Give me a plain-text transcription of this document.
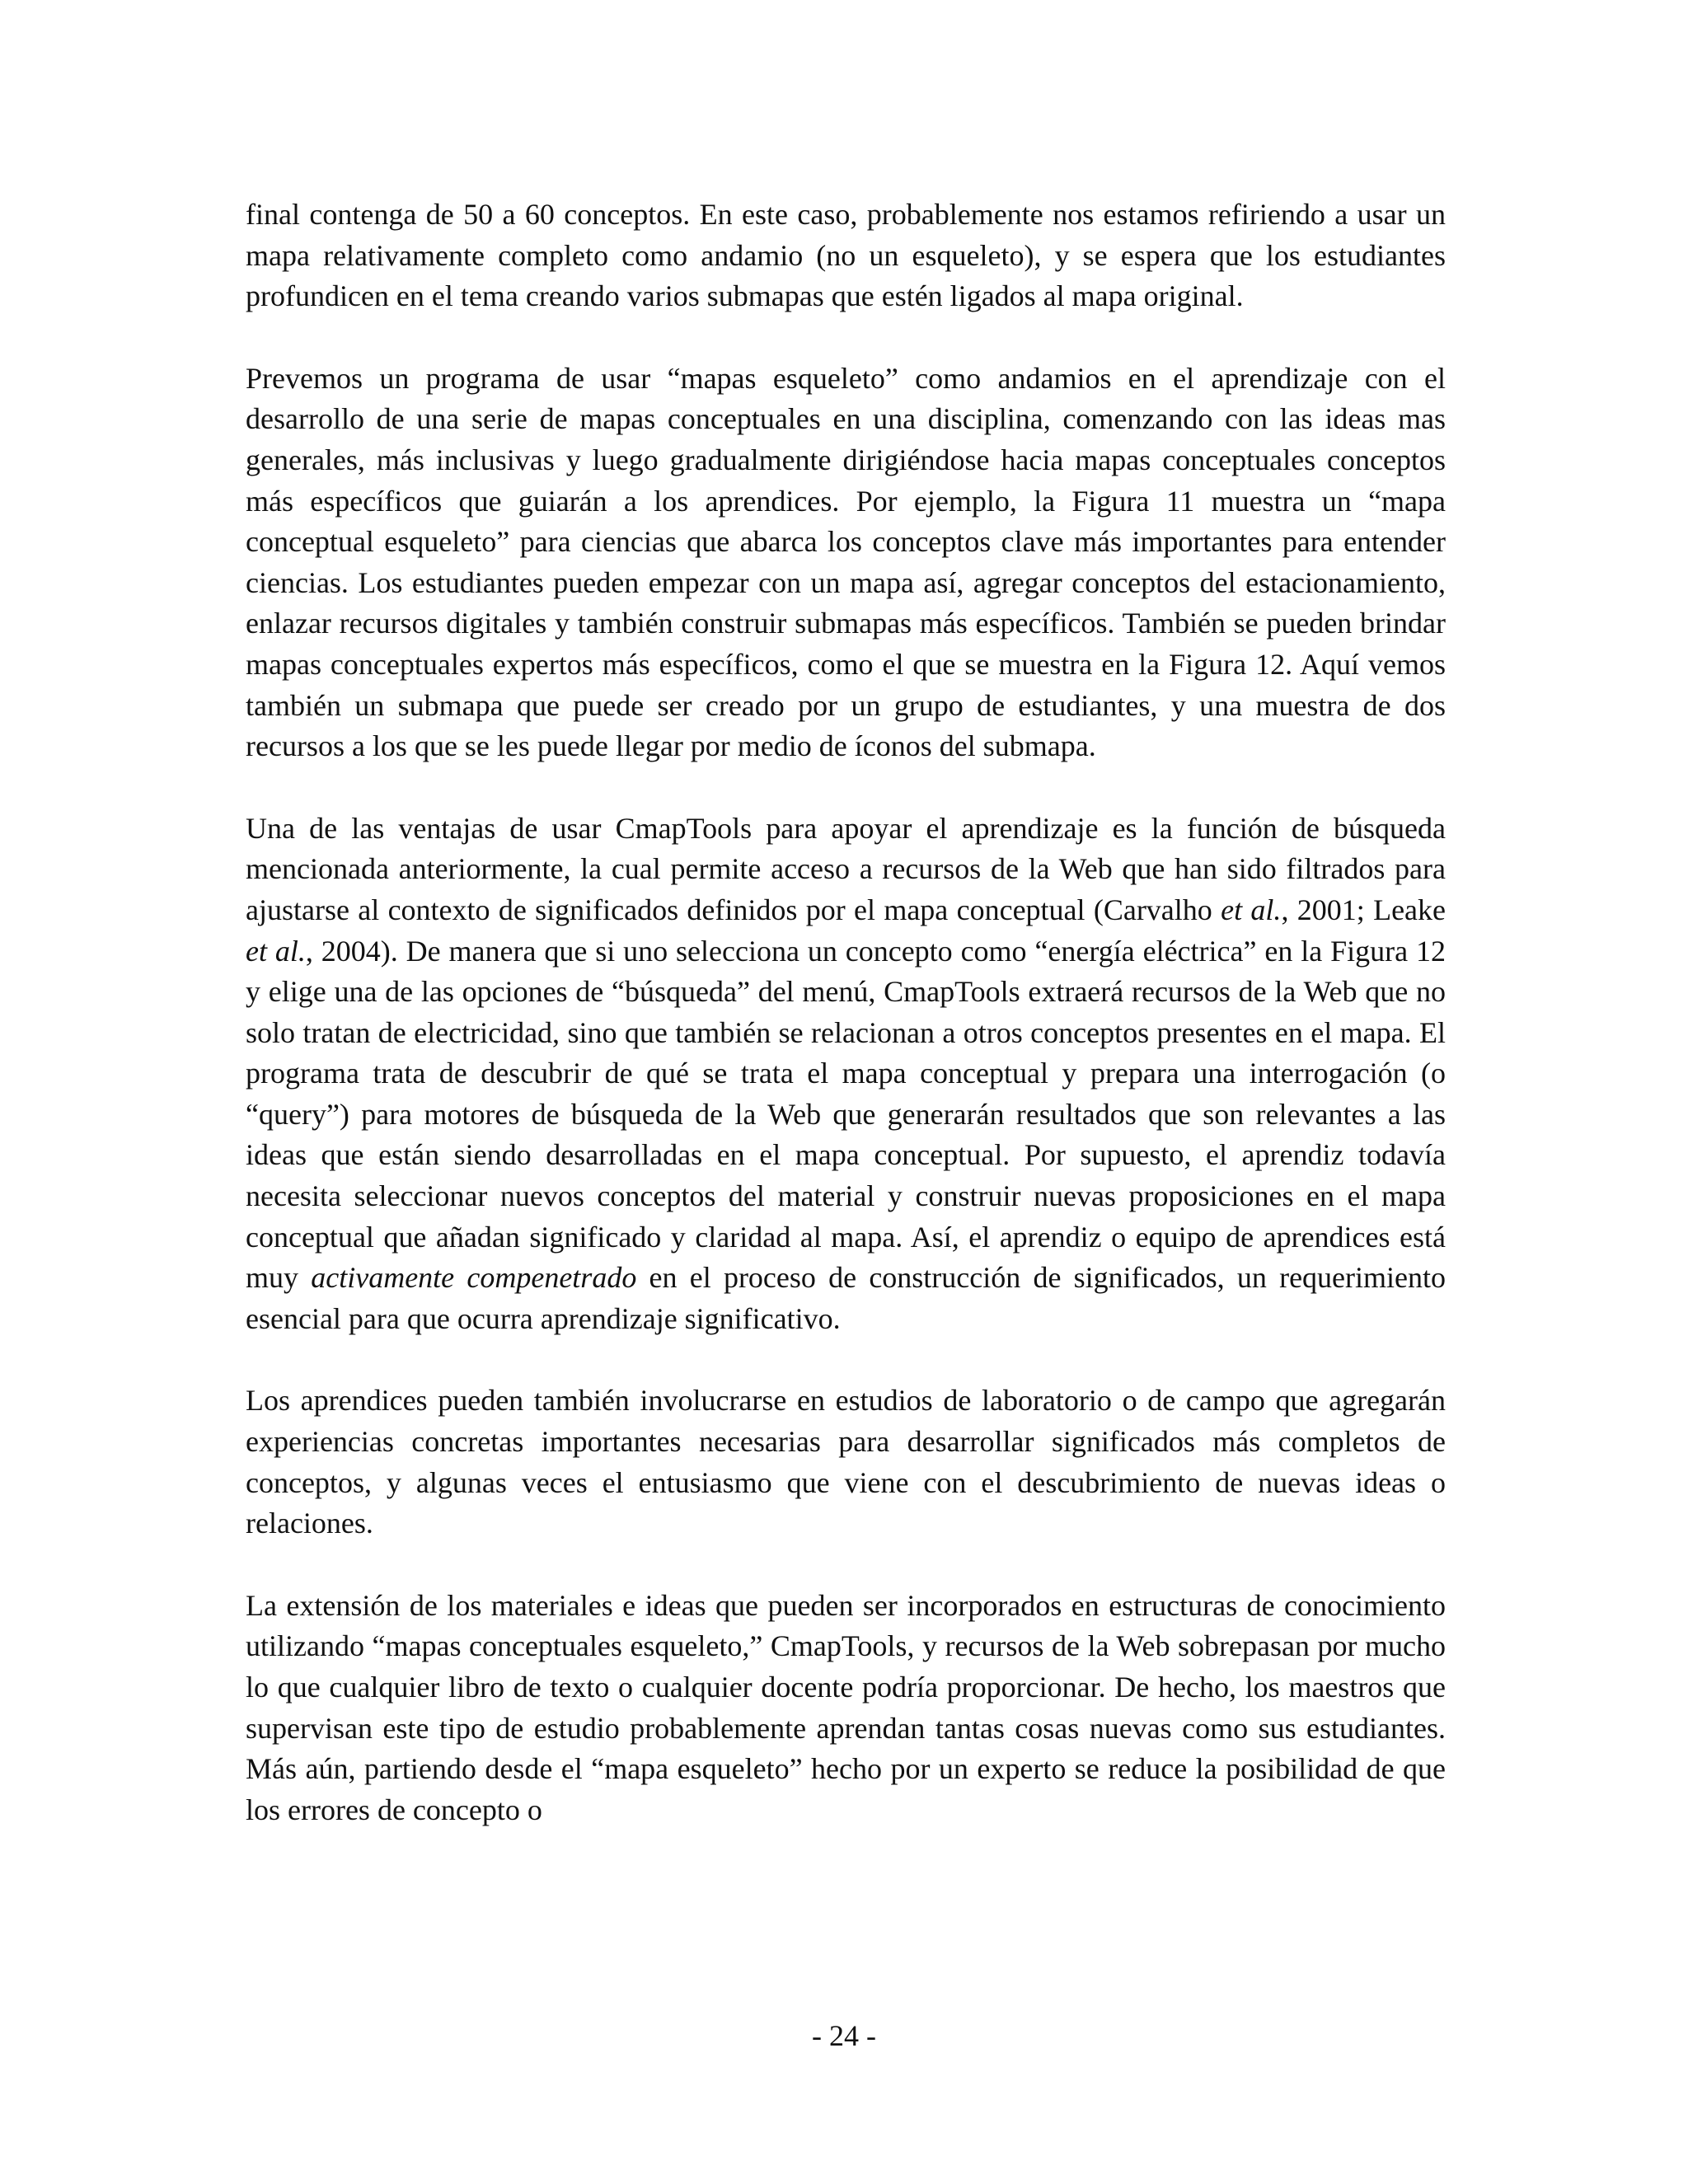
final contenga de 50 a 60 conceptos. En este caso, probablemente nos estamos refiriendo a usar un mapa relativamente completo como andamio (no un esqueleto), y se espera que los estudiantes profundicen en el tema creando varios submapas que estén ligados al mapa original.

Prevemos un programa de usar “mapas esqueleto” como andamios en el aprendizaje con el desarrollo de una serie de mapas conceptuales en una disciplina, comenzando con las ideas mas generales, más inclusivas y luego gradualmente dirigiéndose hacia mapas conceptuales conceptos más específicos que guiarán a los aprendices. Por ejemplo, la Figura 11 muestra un “mapa conceptual esqueleto” para ciencias que abarca los conceptos clave más importantes para entender ciencias. Los estudiantes pueden empezar con un mapa así, agregar conceptos del estacionamiento, enlazar recursos digitales y también construir submapas más específicos. También se pueden brindar mapas conceptuales expertos más específicos, como el que se muestra en la Figura 12. Aquí vemos también un submapa que puede ser creado por un grupo de estudiantes, y una muestra de dos recursos a los que se les puede llegar por medio de íconos del submapa.

Una de las ventajas de usar CmapTools para apoyar el aprendizaje es la función de búsqueda mencionada anteriormente, la cual permite acceso a recursos de la Web que han sido filtrados para ajustarse al contexto de significados definidos por el mapa conceptual (Carvalho et al., 2001; Leake et al., 2004). De manera que si uno selecciona un concepto como “energía eléctrica” en la Figura 12 y elige una de las opciones de “búsqueda” del menú, CmapTools extraerá recursos de la Web que no solo tratan de electricidad, sino que también se relacionan a otros conceptos presentes en el mapa. El programa trata de descubrir de qué se trata el mapa conceptual y prepara una interrogación (o “query”) para motores de búsqueda de la Web que generarán resultados que son relevantes a las ideas que están siendo desarrolladas en el mapa conceptual. Por supuesto, el aprendiz todavía necesita seleccionar nuevos conceptos del material y construir nuevas proposiciones en el mapa conceptual que añadan significado y claridad al mapa. Así, el aprendiz o equipo de aprendices está muy activamente compenetrado en el proceso de construcción de significados, un requerimiento esencial para que ocurra aprendizaje significativo.

Los aprendices pueden también involucrarse en estudios de laboratorio o de campo que agregarán experiencias concretas importantes necesarias para desarrollar significados más completos de conceptos, y algunas veces el entusiasmo que viene con el descubrimiento de nuevas ideas o relaciones.

La extensión de los materiales e ideas que pueden ser incorporados en estructuras de conocimiento utilizando “mapas conceptuales esqueleto,” CmapTools, y recursos de la Web sobrepasan por mucho lo que cualquier libro de texto o cualquier docente podría proporcionar. De hecho, los maestros que supervisan este tipo de estudio probablemente aprendan tantas cosas nuevas como sus estudiantes. Más aún, partiendo desde el “mapa esqueleto” hecho por un experto se reduce la posibilidad de que los errores de concepto o

- 24 -
